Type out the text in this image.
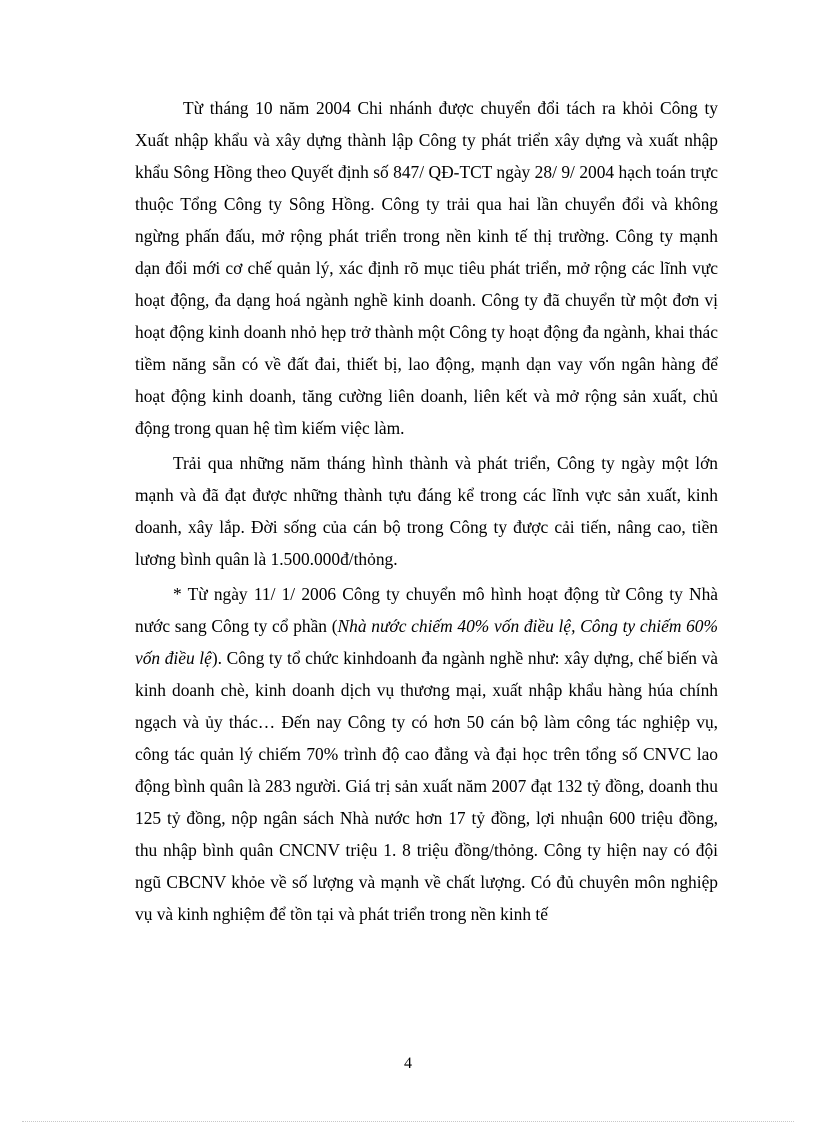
Từ tháng 10 năm 2004 Chi nhánh được chuyển đổi tách ra khỏi Công ty Xuất nhập khẩu và xây dựng thành lập Công ty phát triển xây dựng và xuất nhập khẩu Sông Hồng theo Quyết định số 847/ QĐ-TCT ngày 28/ 9/ 2004 hạch toán trực thuộc Tổng Công ty Sông Hồng. Công ty trải qua hai lần chuyển đổi và không ngừng phấn đấu, mở rộng phát triển trong nền kinh tế thị trường. Công ty mạnh dạn đổi mới cơ chế quản lý, xác định rõ mục tiêu phát triển, mở rộng các lĩnh vực hoạt động, đa dạng hoá ngành nghề kinh doanh. Công ty đã chuyển từ một đơn vị hoạt động kinh doanh nhỏ hẹp trở thành một Công ty hoạt động đa ngành, khai thác tiềm năng sẵn có về đất đai, thiết bị, lao động, mạnh dạn vay vốn ngân hàng để hoạt động kinh doanh, tăng cường liên doanh, liên kết và mở rộng sản xuất, chủ động trong quan hệ tìm kiếm việc làm.

Trải qua những năm tháng hình thành và phát triển, Công ty ngày một lớn mạnh và đã đạt được những thành tựu đáng kể trong các lĩnh vực sản xuất, kinh doanh, xây lắp. Đời sống của cán bộ trong Công ty được cải tiến, nâng cao, tiền lương bình quân là 1.500.000đ/thỏng.

* Từ ngày 11/ 1/ 2006 Công ty chuyển mô hình hoạt động từ Công ty Nhà nước sang Công ty cổ phần (Nhà nước chiếm 40% vốn điều lệ, Công ty chiếm 60% vốn điều lệ). Công ty tổ chức kinhdoanh đa ngành nghề như: xây dựng, chế biến và kinh doanh chè, kinh doanh dịch vụ thương mại, xuất nhập khẩu hàng húa chính ngạch và ủy thác… Đến nay Công ty có hơn 50 cán bộ làm công tác nghiệp vụ, công tác quản lý chiếm 70% trình độ cao đẳng và đại học trên tổng số CNVC lao động bình quân là 283 người. Giá trị sản xuất năm 2007 đạt 132 tỷ đồng, doanh thu 125 tỷ đồng, nộp ngân sách Nhà nước hơn 17 tỷ đồng, lợi nhuận 600 triệu đồng, thu nhập bình quân CNCNV triệu 1. 8 triệu đồng/thỏng. Công ty hiện nay có đội ngũ CBCNV khỏe về số lượng và mạnh về chất lượng. Có đủ chuyên môn nghiệp vụ và kinh nghiệm để tồn tại và phát triển trong nền kinh tế

4
